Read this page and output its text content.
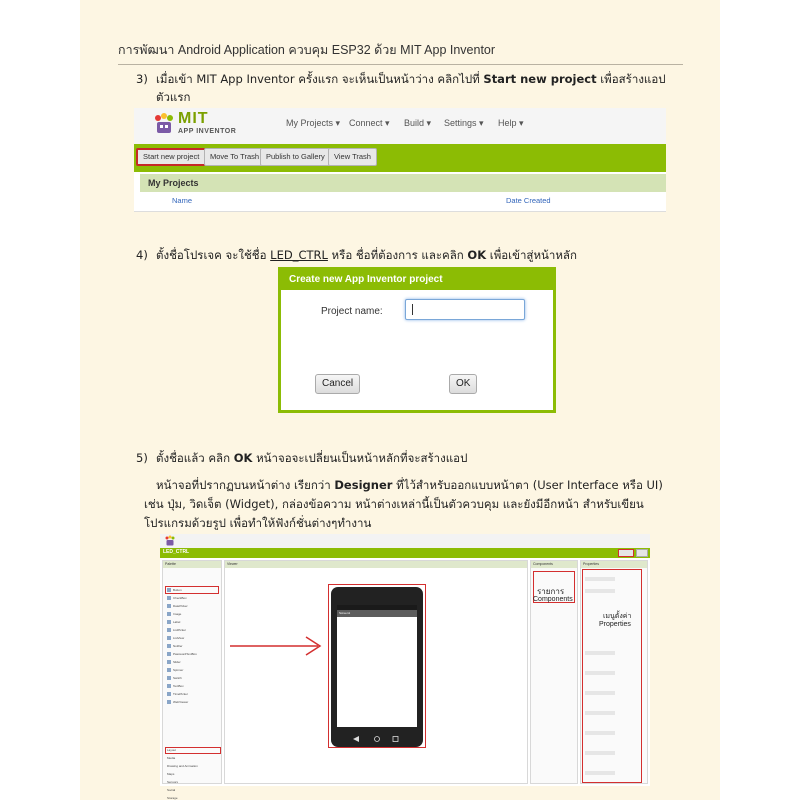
การพัฒนา Android Application ควบคุม ESP32 ด้วย MIT App Inventor
3) เมื่อเข้า MIT App Inventor ครั้งแรก จะเห็นเป็นหน้าว่าง คลิกไปที่ Start new project เพื่อสร้างแอป
ตัวแรก
MIT
APP INVENTOR
My Projects ▾ Connect ▾ Build ▾ Settings ▾ Help ▾
Start new project	Move To Trash Publish to Gallery	View Trash
My Projects
Name	Date Created
4) ตั้งชื่อโปรเจค จะใช้ชื่อ LED_CTRL หรือ ชื่อที่ต้องการ และคลิก OK เพื่อเข้าสู่หน้าหลัก
Create new App Inventor project
Project name:
Cancel	OK
5) ตั้งชื่อแล้ว คลิก OK หน้าจอจะเปลี่ยนเป็นหน้าหลักที่จะสร้างแอป
หน้าจอที่ปรากฏบนหน้าต่าง เรียกว่า Designer ที่ไว้สำหรับออกแบบหน้าตา (User Interface หรือ UI)
เช่น ปุ่ม, วิดเจ็ต (Widget), กล่องข้อความ หน้าต่างเหล่านี้เป็นตัวควบคุม และยังมีอีกหน้า สำหรับเขียน
โปรแกรมด้วยรูป เพื่อทำให้ฟังก์ชั่นต่างๆทำงาน
LED_CTRL
Palette
Button
CheckBox
DatePicker
Image
Label
ListPicker
ListView
Notifier
PasswordTextBox
Slider
Spinner
Switch
TextBox
TimePicker
WebViewer
Layout
Media
Drawing and Animation
Maps
Sensors
Social
Storage
Viewer
Screen1
Components
รายการ
Components
Properties
เมนูตั้งค่า
Properties
